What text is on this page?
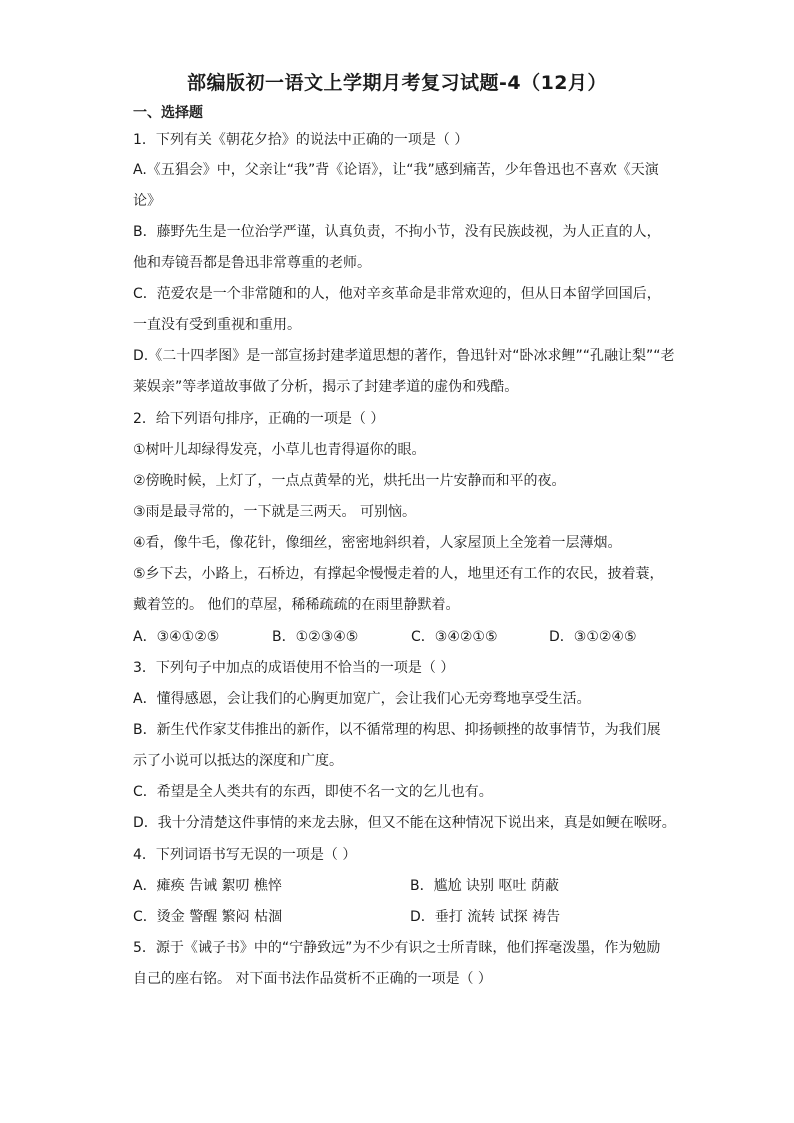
部编版初一语文上学期月考复习试题-4（12月）
一、选择题
1．下列有关《朝花夕拾》的说法中正确的一项是（ ）
A.《五猖会》中，父亲让“我”背《论语》，让“我”感到痛苦，少年鲁迅也不喜欢《天演
论》
B．藤野先生是一位治学严谨，认真负责，不拘小节，没有民族歧视，为人正直的人，
他和寿镜吾都是鲁迅非常尊重的老师。
C．范爱农是一个非常随和的人，他对辛亥革命是非常欢迎的，但从日本留学回国后，
一直没有受到重视和重用。
D.《二十四孝图》是一部宣扬封建孝道思想的著作，鲁迅针对“卧冰求鲤”“孔融让梨”“老
莱娱亲”等孝道故事做了分析，揭示了封建孝道的虚伪和残酷。
2．给下列语句排序，正确的一项是（ ）
①树叶儿却绿得发亮，小草儿也青得逼你的眼。
②傍晚时候，上灯了，一点点黄晕的光，烘托出一片安静而和平的夜。
③雨是最寻常的，一下就是三两天。 可别恼。
④看，像牛毛，像花针，像细丝，密密地斜织着，人家屋顶上全笼着一层薄烟。
⑤乡下去，小路上，石桥边，有撑起伞慢慢走着的人，地里还有工作的农民，披着蓑，
戴着笠的。 他们的草屋，稀稀疏疏的在雨里静默着。
A．③④①②⑤	B．①②③④⑤	C．③④②①⑤	D．③①②④⑤
3．下列句子中加点的成语使用不恰当的一项是（ ）
A．懂得感恩，会让我们的心胸更加宽广，会让我们心无旁骛地享受生活。
B．新生代作家艾伟推出的新作，以不循常理的构思、抑扬顿挫的故事情节，为我们展
示了小说可以抵达的深度和广度。
C．希望是全人类共有的东西，即使不名一文的乞儿也有。
D．我十分清楚这件事情的来龙去脉，但又不能在这种情况下说出来，真是如鲠在喉呀。
4．下列词语书写无误的一项是（ ）
A．瘫痪 告诫 絮叨 樵悴	B．尴尬 诀别 呕吐 荫蔽
C．烫金 警醒 繁闷 枯涸	D．垂打 流转 试探 祷告
5．源于《诫子书》中的“宁静致远”为不少有识之士所青睐，他们挥毫泼墨，作为勉励
自己的座右铭。 对下面书法作品赏析不正确的一项是（ ）
